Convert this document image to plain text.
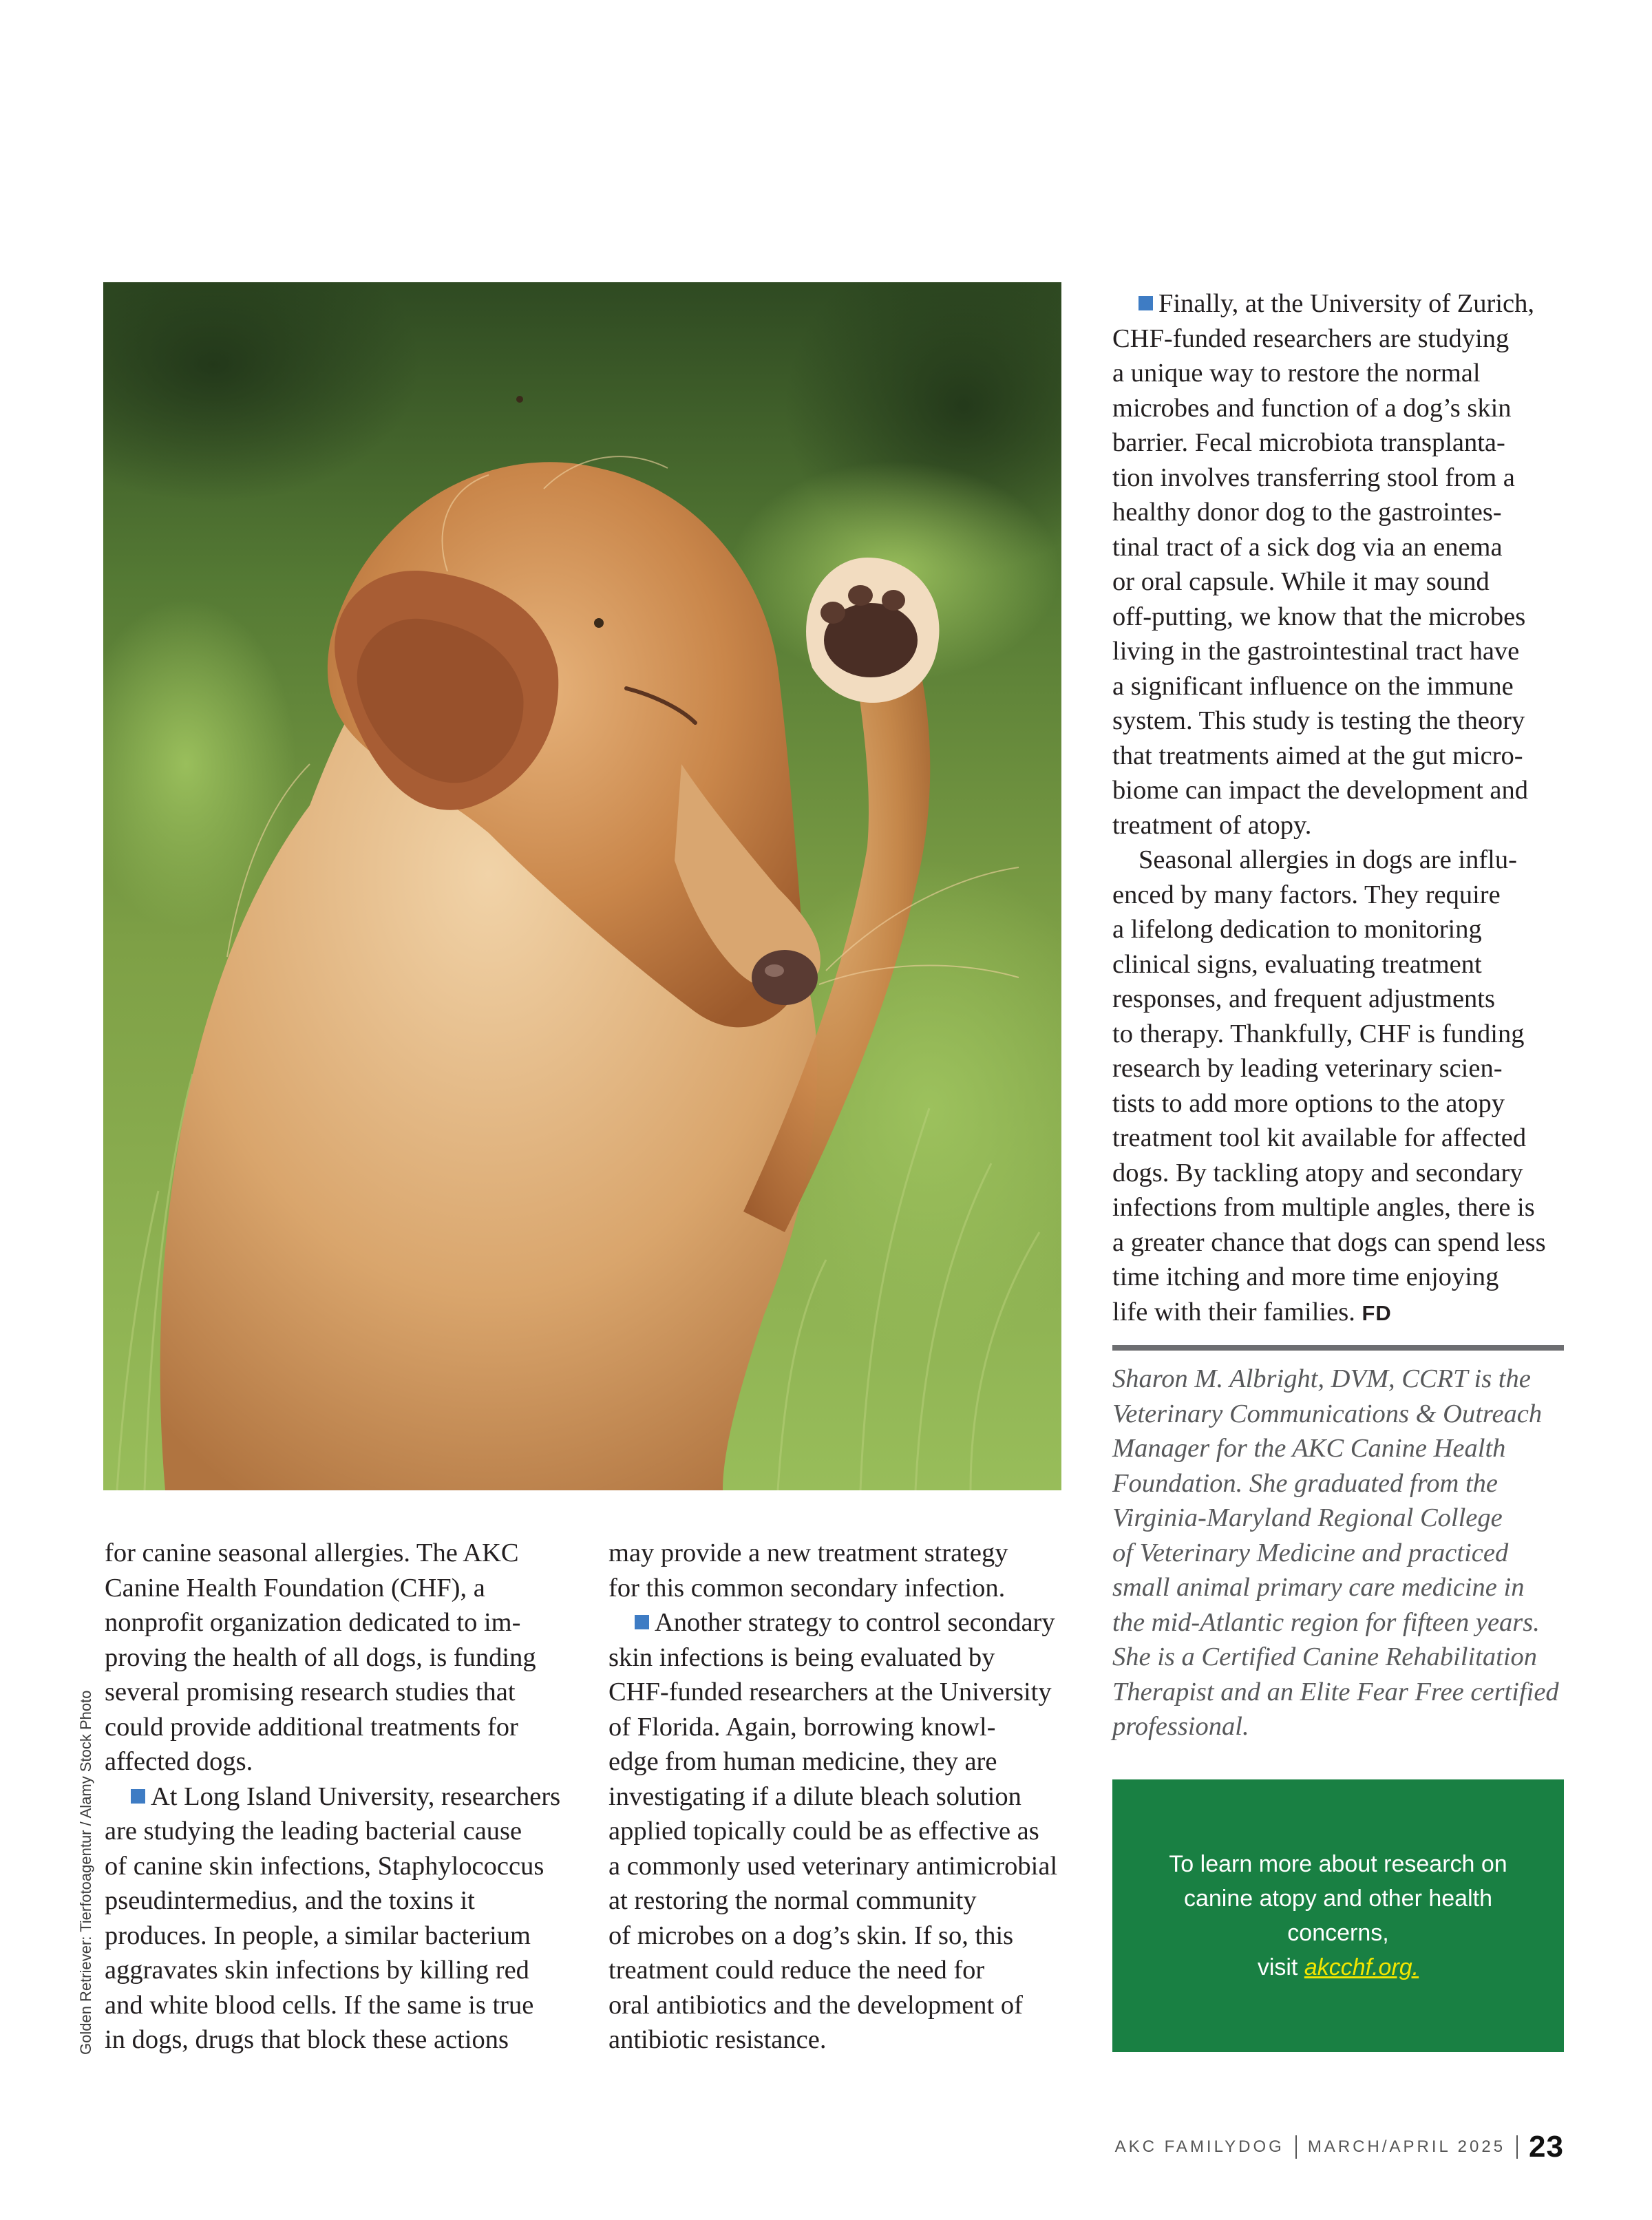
Golden Retriever: Tierfotoagentur / Alamy Stock Photo

for canine seasonal allergies. The AKC
Canine Health Foundation (CHF), a
nonprofit organization dedicated to im-
proving the health of all dogs, is funding
several promising research studies that
could provide additional treatments for
affected dogs.

At Long Island University, researchers
are studying the leading bacterial cause
of canine skin infections, Staphylococcus
pseudintermedius, and the toxins it
produces. In people, a similar bacterium
aggravates skin infections by killing red
and white blood cells. If the same is true
in dogs, drugs that block these actions

may provide a new treatment strategy
for this common secondary infection.

Another strategy to control secondary
skin infections is being evaluated by
CHF-funded researchers at the University
of Florida. Again, borrowing knowl-
edge from human medicine, they are
investigating if a dilute bleach solution
applied topically could be as effective as
a commonly used veterinary antimicrobial
at restoring the normal community
of microbes on a dog’s skin. If so, this
treatment could reduce the need for
oral antibiotics and the development of
antibiotic resistance.

Finally, at the University of Zurich,
CHF-funded researchers are studying
a unique way to restore the normal
microbes and function of a dog’s skin
barrier. Fecal microbiota transplanta-
tion involves transferring stool from a
healthy donor dog to the gastrointes-
tinal tract of a sick dog via an enema
or oral capsule. While it may sound
off-putting, we know that the microbes
living in the gastrointestinal tract have
a significant influence on the immune
system. This study is testing the theory
that treatments aimed at the gut micro-
biome can impact the development and
treatment of atopy.

Seasonal allergies in dogs are influ-
enced by many factors. They require
a lifelong dedication to monitoring
clinical signs, evaluating treatment
responses, and frequent adjustments
to therapy. Thankfully, CHF is funding
research by leading veterinary scien-
tists to add more options to the atopy
treatment tool kit available for affected
dogs. By tackling atopy and secondary
infections from multiple angles, there is
a greater chance that dogs can spend less
time itching and more time enjoying
life with their families. FD

Sharon M. Albright, DVM, CCRT is the
Veterinary Communications & Outreach
Manager for the AKC Canine Health
Foundation. She graduated from the
Virginia-Maryland Regional College
of Veterinary Medicine and practiced
small animal primary care medicine in
the mid-Atlantic region for fifteen years.
She is a Certified Canine Rehabilitation
Therapist and an Elite Fear Free certified
professional.

To learn more about research on
canine atopy and other health
concerns,
visit akcchf.org.

AKC FAMILYDOG MARCH/APRIL 2025 23
